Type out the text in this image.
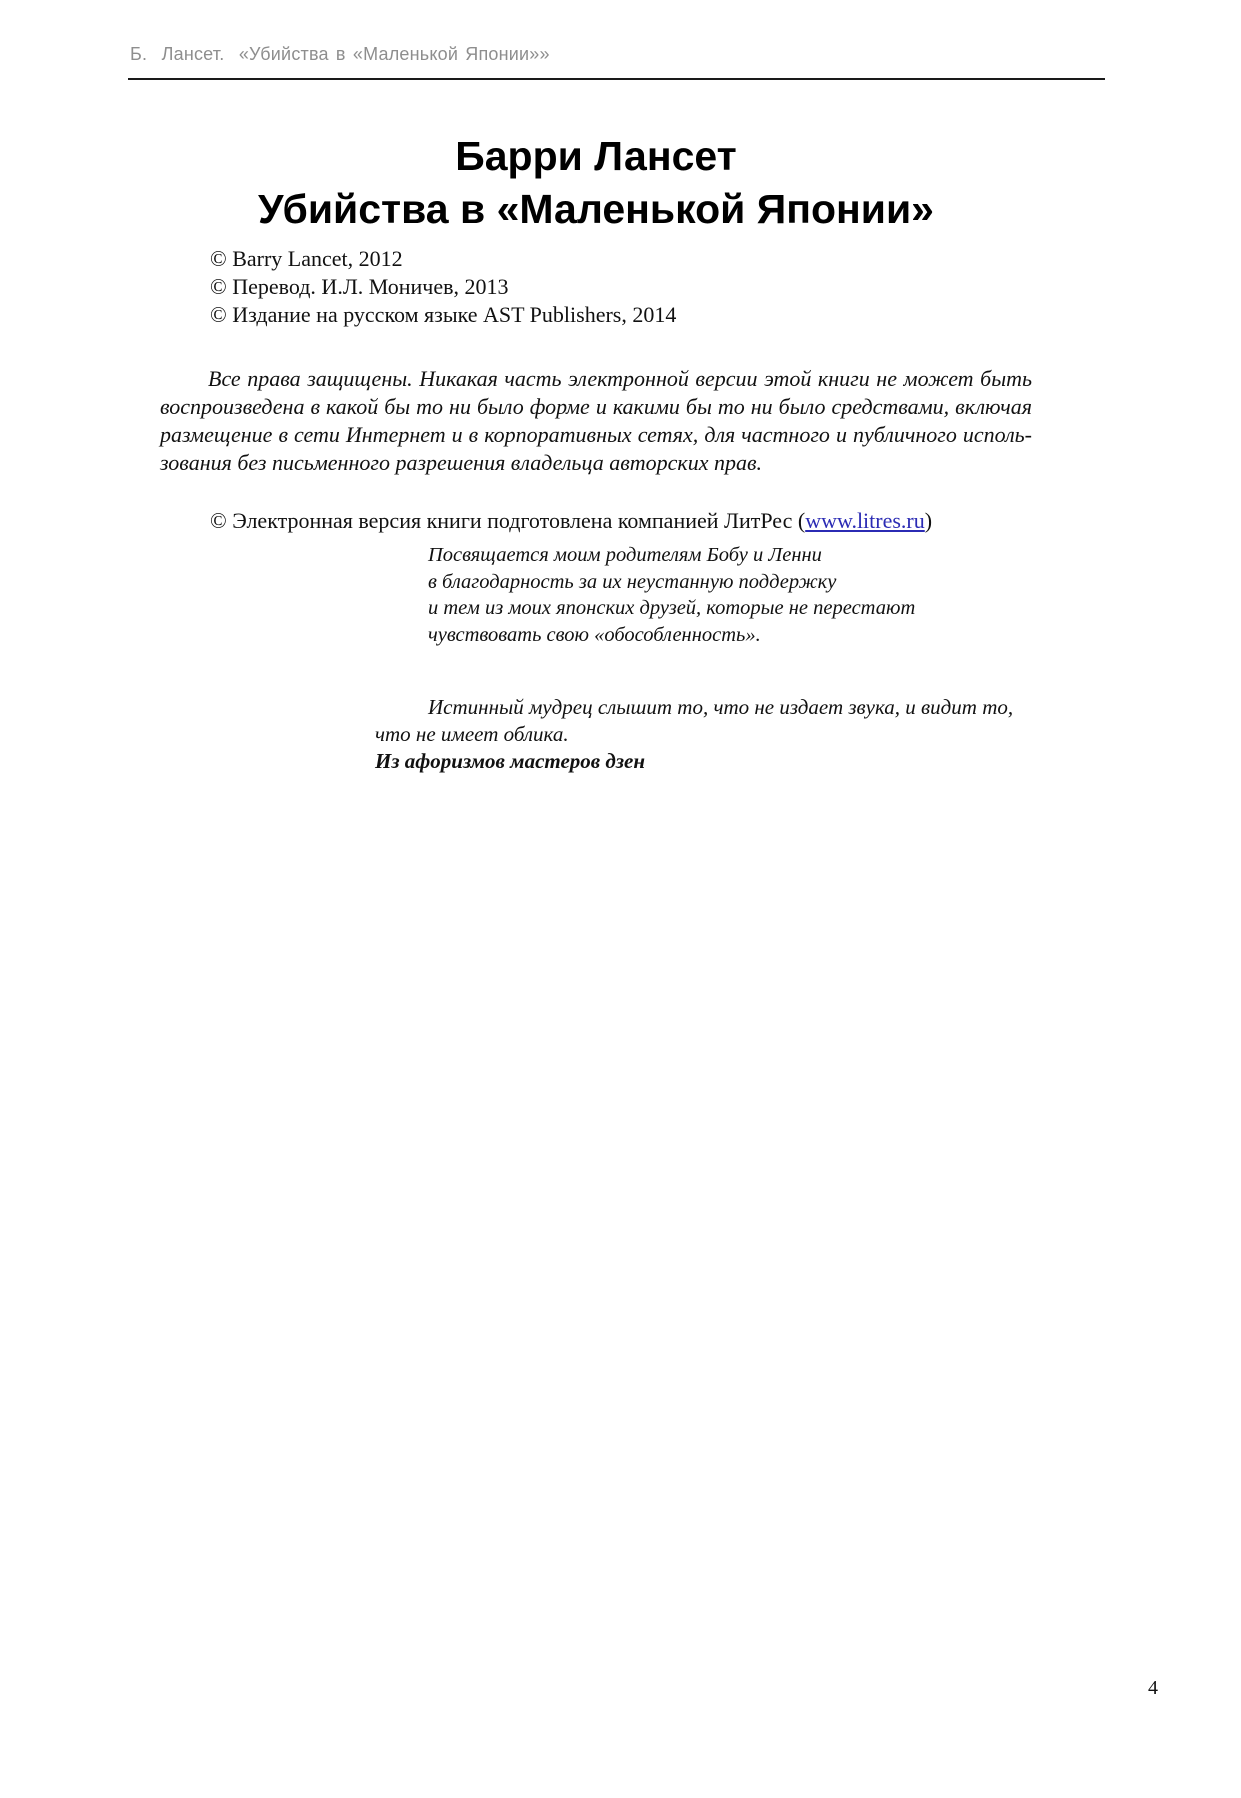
Б.  Лансет.  «Убийства в «Маленькой Японии»»
Барри Лансет
Убийства в «Маленькой Японии»
© Barry Lancet, 2012
© Перевод. И.Л. Моничев, 2013
© Издание на русском языке AST Publishers, 2014
Все права защищены. Никакая часть электронной версии этой книги не может быть
воспроизведена в какой бы то ни было форме и какими бы то ни было средствами, включая
размещение в сети Интернет и в корпоративных сетях, для частного и публичного исполь-
зования без письменного разрешения владельца авторских прав.
© Электронная версия книги подготовлена компанией ЛитРес (www.litres.ru)
Посвящается моим родителям Бобу и Ленни
в благодарность за их неустанную поддержку
и тем из моих японских друзей, которые не перестают
чувствовать свою «обособленность».
Истинный мудрец слышит то, что не издает звука, и видит то,
что не имеет облика.
Из афоризмов мастеров дзен
4
